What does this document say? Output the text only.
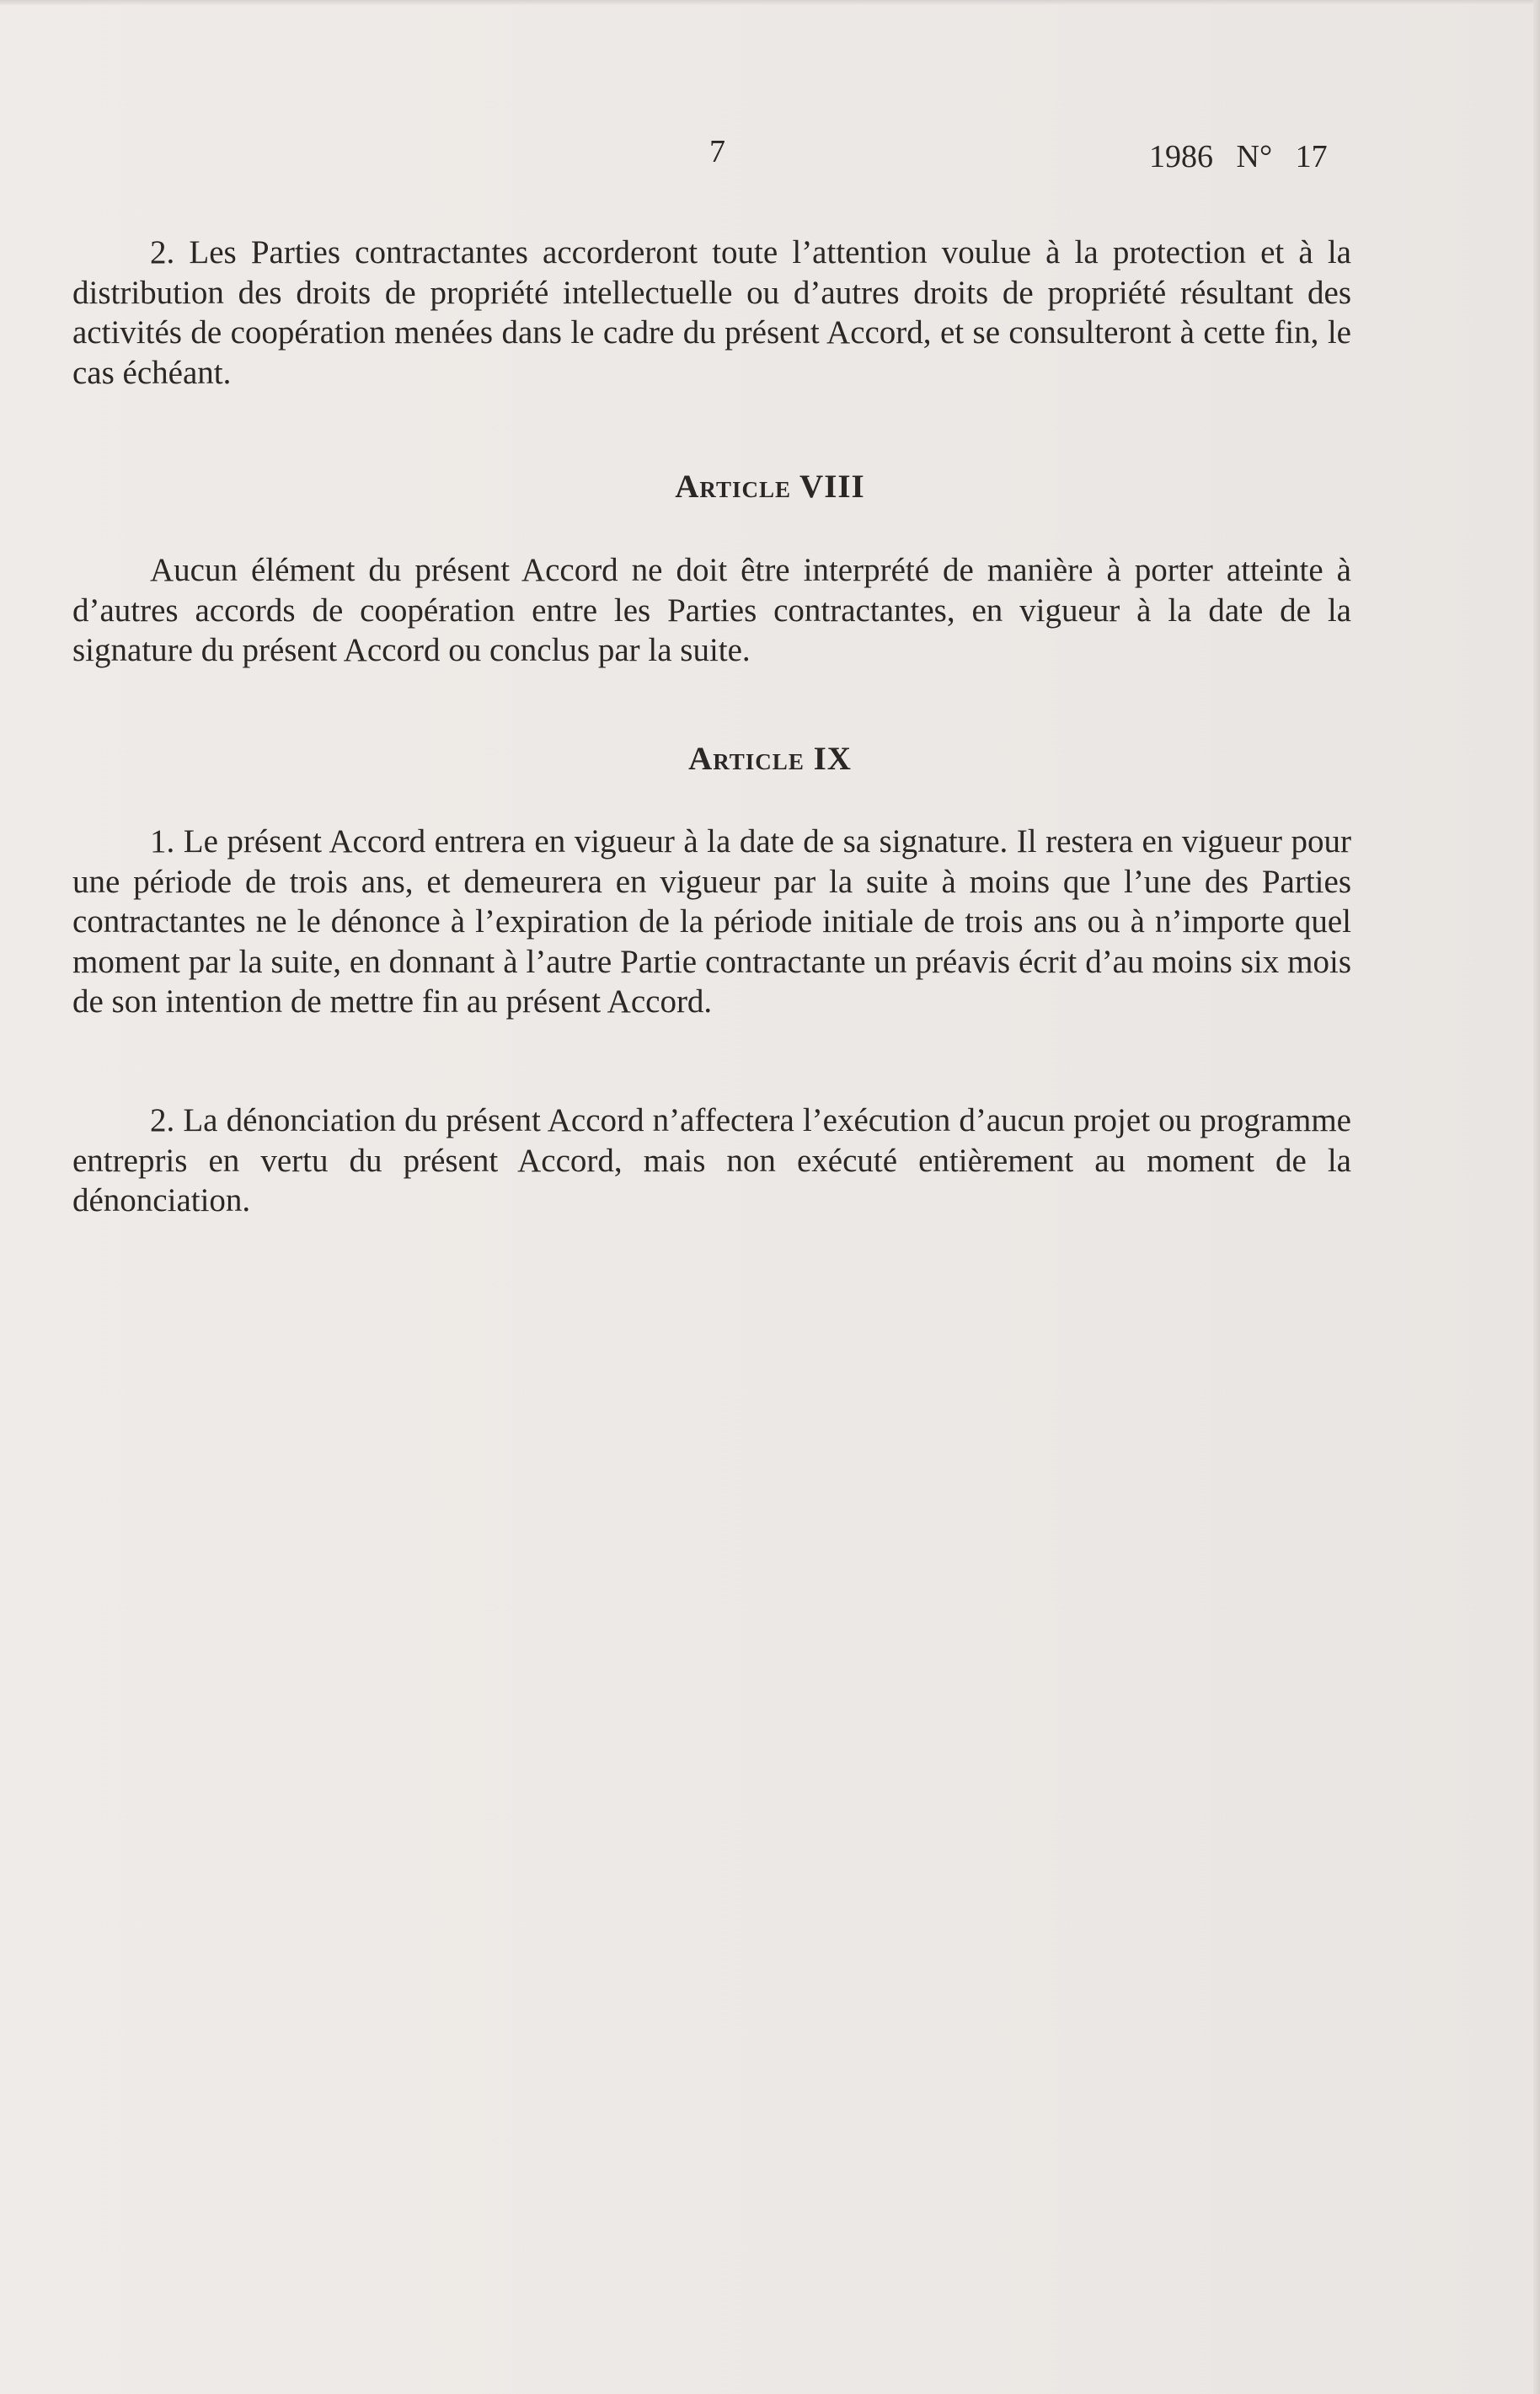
7	1986 N° 17

2. Les Parties contractantes accorderont toute l’attention voulue à la protection et à la distribution des droits de propriété intellectuelle ou d’autres droits de propriété résultant des activités de coopération menées dans le cadre du présent Accord, et se consulteront à cette fin, le cas échéant.

Article VIII

Aucun élément du présent Accord ne doit être interprété de manière à porter atteinte à d’autres accords de coopération entre les Parties contractantes, en vigueur à la date de la signature du présent Accord ou conclus par la suite.

Article IX

1. Le présent Accord entrera en vigueur à la date de sa signature. Il restera en vigueur pour une période de trois ans, et demeurera en vigueur par la suite à moins que l’une des Parties contractantes ne le dénonce à l’expiration de la période initiale de trois ans ou à n’importe quel moment par la suite, en donnant à l’autre Partie contractante un préavis écrit d’au moins six mois de son intention de mettre fin au présent Accord.

2. La dénonciation du présent Accord n’affectera l’exécution d’aucun projet ou programme entrepris en vertu du présent Accord, mais non exécuté entièrement au moment de la dénonciation.
